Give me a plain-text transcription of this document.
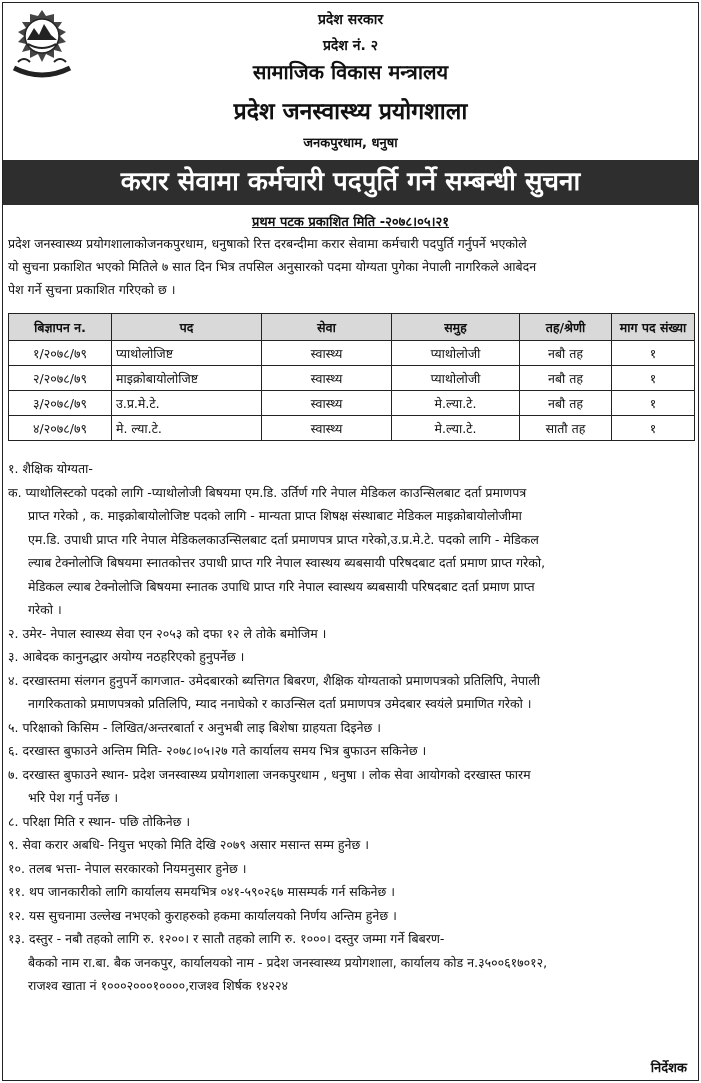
प्रदेश सरकार
प्रदेश नं. २
सामाजिक विकास मन्त्रालय
प्रदेश जनस्वास्थ्य प्रयोगशाला
जनकपुरधाम, धनुषा
करार सेवामा कर्मचारी पदपुर्ति गर्ने सम्बन्धी सुचना
प्रथम पटक प्रकाशित मिति -२०७८।०५।२१
प्रदेश जनस्वास्थ्य प्रयोगशालाकोजनकपुरधाम, धनुषाको रित्त दरबन्दीमा करार सेवामा कर्मचारी पदपुर्ति गर्नुपर्ने भएकोले
यो सुचना प्रकाशित भएको मितिले ७ सात दिन भित्र तपसिल अनुसारको पदमा योग्यता पुगेका नेपाली नागरिकले आबेदन
पेश गर्ने सुचना प्रकाशित गरिएको छ ।
बिज्ञापन न.	पद	सेवा	समुह	तह/श्रेणी	माग पद संख्या
१/२०७८/७९	प्याथोलोजिष्ट	स्वास्थ्य	प्याथोलोजी	नबौ तह	१
२/२०७८/७९	माइक्रोबायोलोजिष्ट	स्वास्थ्य	प्याथोलोजी	नबौ तह	१
३/२०७८/७९	उ.प्र.मे.टे.	स्वास्थ्य	मे.ल्या.टे.	नबौ तह	१
४/२०७८/७९	मे. ल्या.टे.	स्वास्थ्य	मे.ल्या.टे.	सातौ तह	१
१. शैक्षिक योग्यता-
क. प्याथोलिस्टको पदको लागि -प्याथोलोजी बिषयमा एम.डि. उर्तिर्ण गरि नेपाल मेडिकल काउन्सिलबाट दर्ता प्रमाणपत्र
प्राप्त गरेको , क. माइक्रोबायोलोजिष्ट पदको लागि - मान्यता प्राप्त शिषक्ष संस्थाबाट मेडिकल माइक्रोबायोलोजीमा
एम.डि. उपाधी प्राप्त गरि नेपाल मेडिकलकाउन्सिलबाट दर्ता प्रमाणपत्र प्राप्त गरेको,उ.प्र.मे.टे. पदको लागि - मेडिकल
ल्याब टेक्नोलोजि बिषयमा स्नातकोत्तर उपाधी प्राप्त गरि नेपाल स्वास्थय ब्यबसायी परिषदबाट दर्ता प्रमाण प्राप्त गरेको,
मेडिकल ल्याब टेक्नोलोजि बिषयमा स्नातक उपाधि प्राप्त गरि नेपाल स्वास्थय ब्यबसायी परिषदबाट दर्ता प्रमाण प्राप्त
गरेको ।
२. उमेर- नेपाल स्वास्थ्य सेवा एन २०५३ को दफा १२ ले तोके बमोजिम ।
३. आबेदक कानुनद्धार अयोग्य नठहरिएको हुनुपर्नेछ ।
४. दरखास्तमा संलगन हुनुपर्ने कागजात- उमेदबारको ब्यत्तिगत बिबरण, शैक्षिक योग्यताको प्रमाणपत्रको प्रतिलिपि, नेपाली
नागरिकताको प्रमाणपत्रको प्रतिलिपि, म्याद ननाघेको र काउन्सिल दर्ता प्रमाणपत्र उमेदबार स्वयंले प्रमाणित गरेको ।
५. परिक्षाको किसिम - लिखित/अन्तरबार्ता र अनुभबी लाइ बिशेषा ग्राहयता दिइनेछ ।
६. दरखास्त बुफाउने अन्तिम मिति- २०७८।०५।२७ गते कार्यालय समय भित्र बुफाउन सकिनेछ ।
७. दरखास्त बुफाउने स्थान- प्रदेश जनस्वास्थ्य प्रयोगशाला जनकपुरधाम , धनुषा । लोक सेवा आयोगको दरखास्त फारम
भरि पेश गर्नु पर्नेछ ।
८. परिक्षा मिति र स्थान- पछि तोकिनेछ ।
९. सेवा करार अबधि- नियुत्त भएको मिति देखि २०७९ असार मसान्त सम्म हुनेछ ।
१०. तलब भत्ता- नेपाल सरकारको नियमनुसार हुनेछ ।
११. थप जानकारीको लागि कार्यालय समयभित्र ०४१-५९०२६७ मासम्पर्क गर्न सकिनेछ ।
१२. यस सुचनामा उल्लेख नभएको कुराहरुको हकमा कार्यालयको निर्णय अन्तिम हुनेछ ।
१३. दस्तुर - नबौ तहको लागि रु. १२००। र सातौ तहको लागि रु. १०००। दस्तुर जम्मा गर्ने बिबरण-
बैकको नाम रा.बा. बैक जनकपुर, कार्यालयको नाम - प्रदेश जनस्वास्थ्य प्रयोगशाला, कार्यालय कोड न.३५००६१७०१२,
राजश्व खाता नं १०००२०००१००००,राजश्व शिर्षक १४२२४
निर्देशक
